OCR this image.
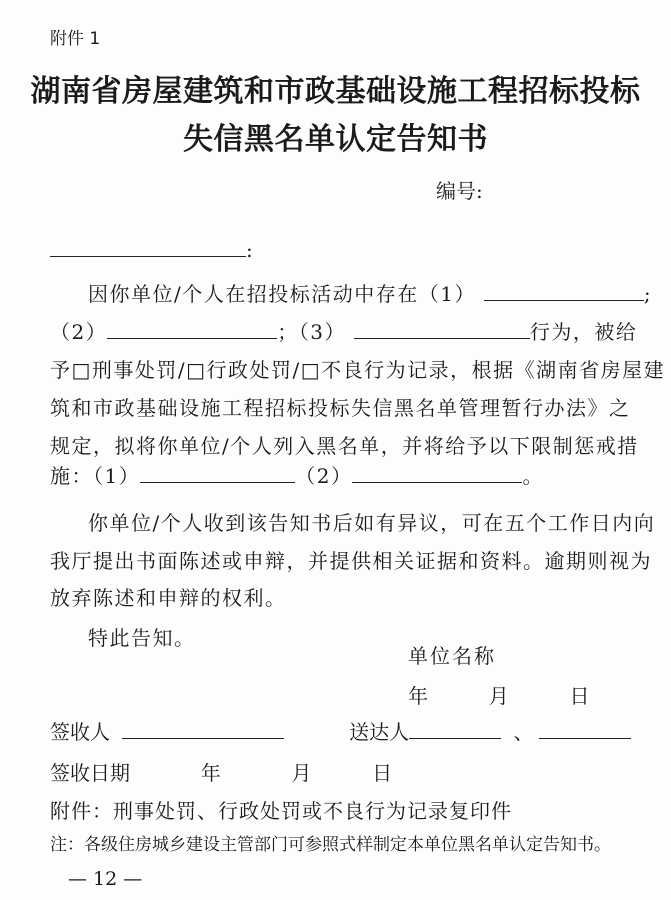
附件 1
湖南省房屋建筑和市政基础设施工程招标投标
失信黑名单认定告知书
编号:
:
因你单位/个人在招投标活动中存在（1）	;
（2）	；（3）	行为，被给
予□刑事处罚/□行政处罚/□不良行为记录，根据《湖南省房屋建
筑和市政基础设施工程招标投标失信黑名单管理暂行办法》之
规定，拟将你单位/个人列入黑名单，并将给予以下限制惩戒措
施：（1）	（2）	。
你单位/个人收到该告知书后如有异议，可在五个工作日内向
我厅提出书面陈述或申辩，并提供相关证据和资料。逾期则视为
放弃陈述和申辩的权利。
特此告知。
单位名称
年	月	日
签收人	送达人	、
签收日期	年	月	日
附件：刑事处罚、行政处罚或不良行为记录复印件
注：各级住房城乡建设主管部门可参照式样制定本单位黑名单认定告知书。
— 12 —
